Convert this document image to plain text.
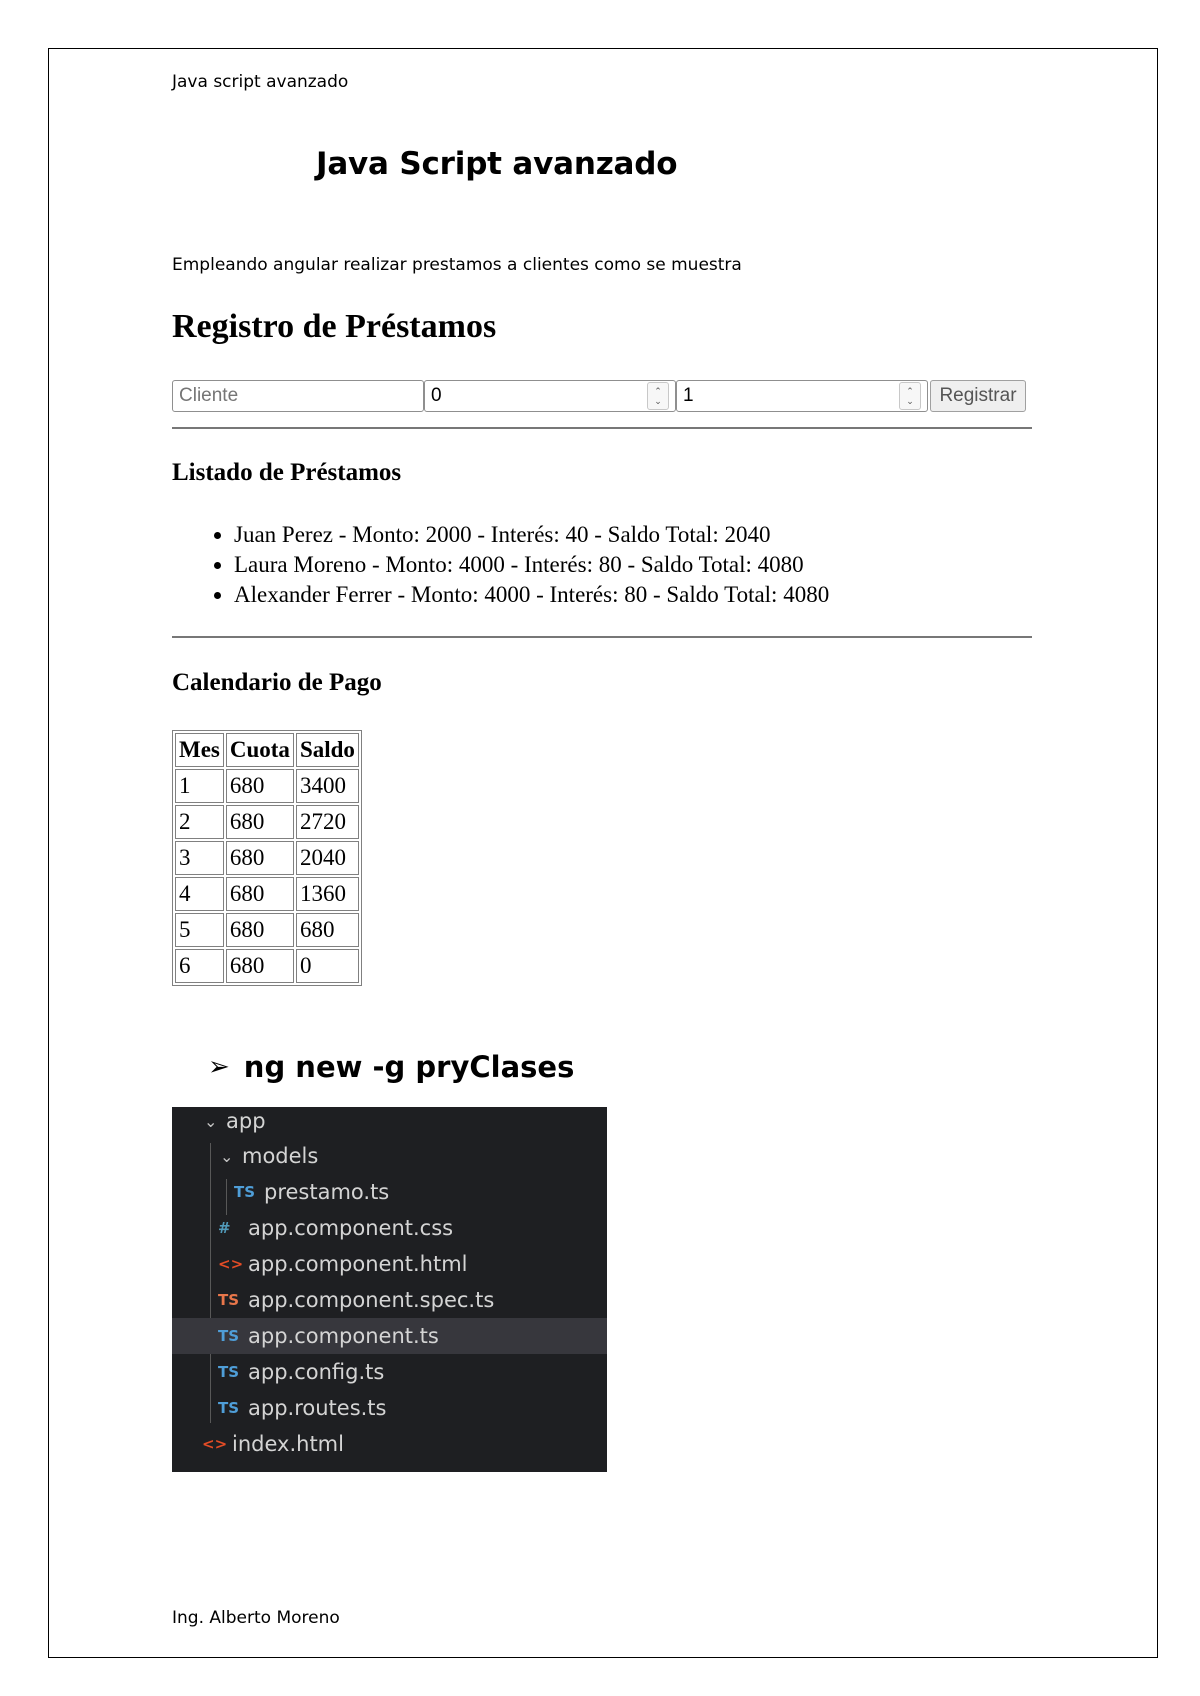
Java script avanzado
Java Script avanzado
Empleando angular realizar prestamos a clientes como se muestra
Registro de Préstamos
Cliente	0	⌃
⌄ 1	⌃
⌄	Registrar
Listado de Préstamos
Juan Perez - Monto: 2000 - Interés: 40 - Saldo Total: 2040
Laura Moreno - Monto: 4000 - Interés: 80 - Saldo Total: 4080
Alexander Ferrer - Monto: 4000 - Interés: 80 - Saldo Total: 4080
Calendario de Pago
Mes	Cuota	Saldo
1	680	3400
2	680	2720
3	680	2040
4	680	1360
5	680	680
6	680	0
➢ ng new -g pryClases
⌄ app
⌄ models
TS prestamo.ts
# app.component.css
<> app.component.html
TS app.component.spec.ts
TS app.component.ts
TS app.config.ts
TS app.routes.ts
<> index.html
Ing. Alberto Moreno
